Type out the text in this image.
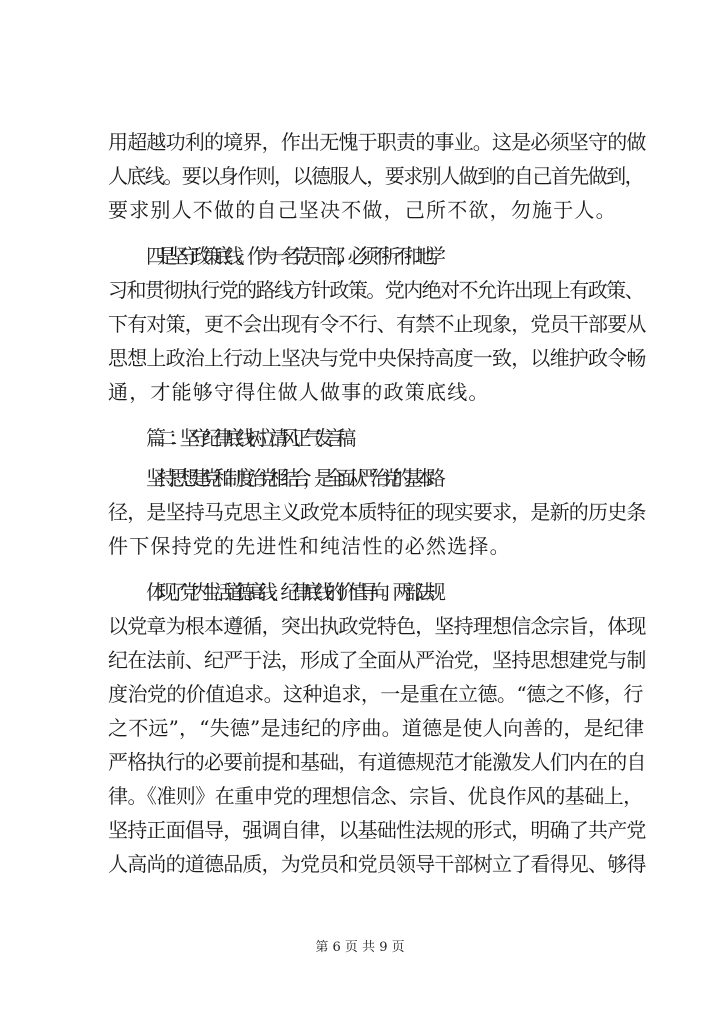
用超越功利的境界，作出无愧于职责的事业。这是必须坚守的做
人底线。要以身作则，以德服人，要求别人做到的自己首先做到，
要求别人不做的自己坚决不做，己所不欲，勿施于人。
四是坚守政策底线。作为一名党员干部，必须不折不扣地学
习和贯彻执行党的路线方针政策。党内绝对不允许出现上有政策、
下有对策，更不会出现有令不行、有禁不止现象，党员干部要从
思想上政治上行动上坚决与党中央保持高度一致，以维护政令畅
通，才能够守得住做人做事的政策底线。
篇二：坚守纪律底线树立清风正气发言稿
坚持思想建党和制度治党相结合，是全面从严治党的基本路
径，是坚持马克思主义政党本质特征的现实要求，是新的历史条
件下保持党的先进性和纯洁性的必然选择。
体现了党内生活道德高线、纪律底线的价值导向。两部法规
以党章为根本遵循，突出执政党特色，坚持理想信念宗旨，体现
纪在法前、纪严于法，形成了全面从严治党，坚持思想建党与制
度治党的价值追求。这种追求，一是重在立德。“德之不修，行
之不远”，“失德”是违纪的序曲。道德是使人向善的，是纪律
严格执行的必要前提和基础，有道德规范才能激发人们内在的自
律。《准则》在重申党的理想信念、宗旨、优良作风的基础上，
坚持正面倡导，强调自律，以基础性法规的形式，明确了共产党
人高尚的道德品质，为党员和党员领导干部树立了看得见、够得
第 6 页 共 9 页
